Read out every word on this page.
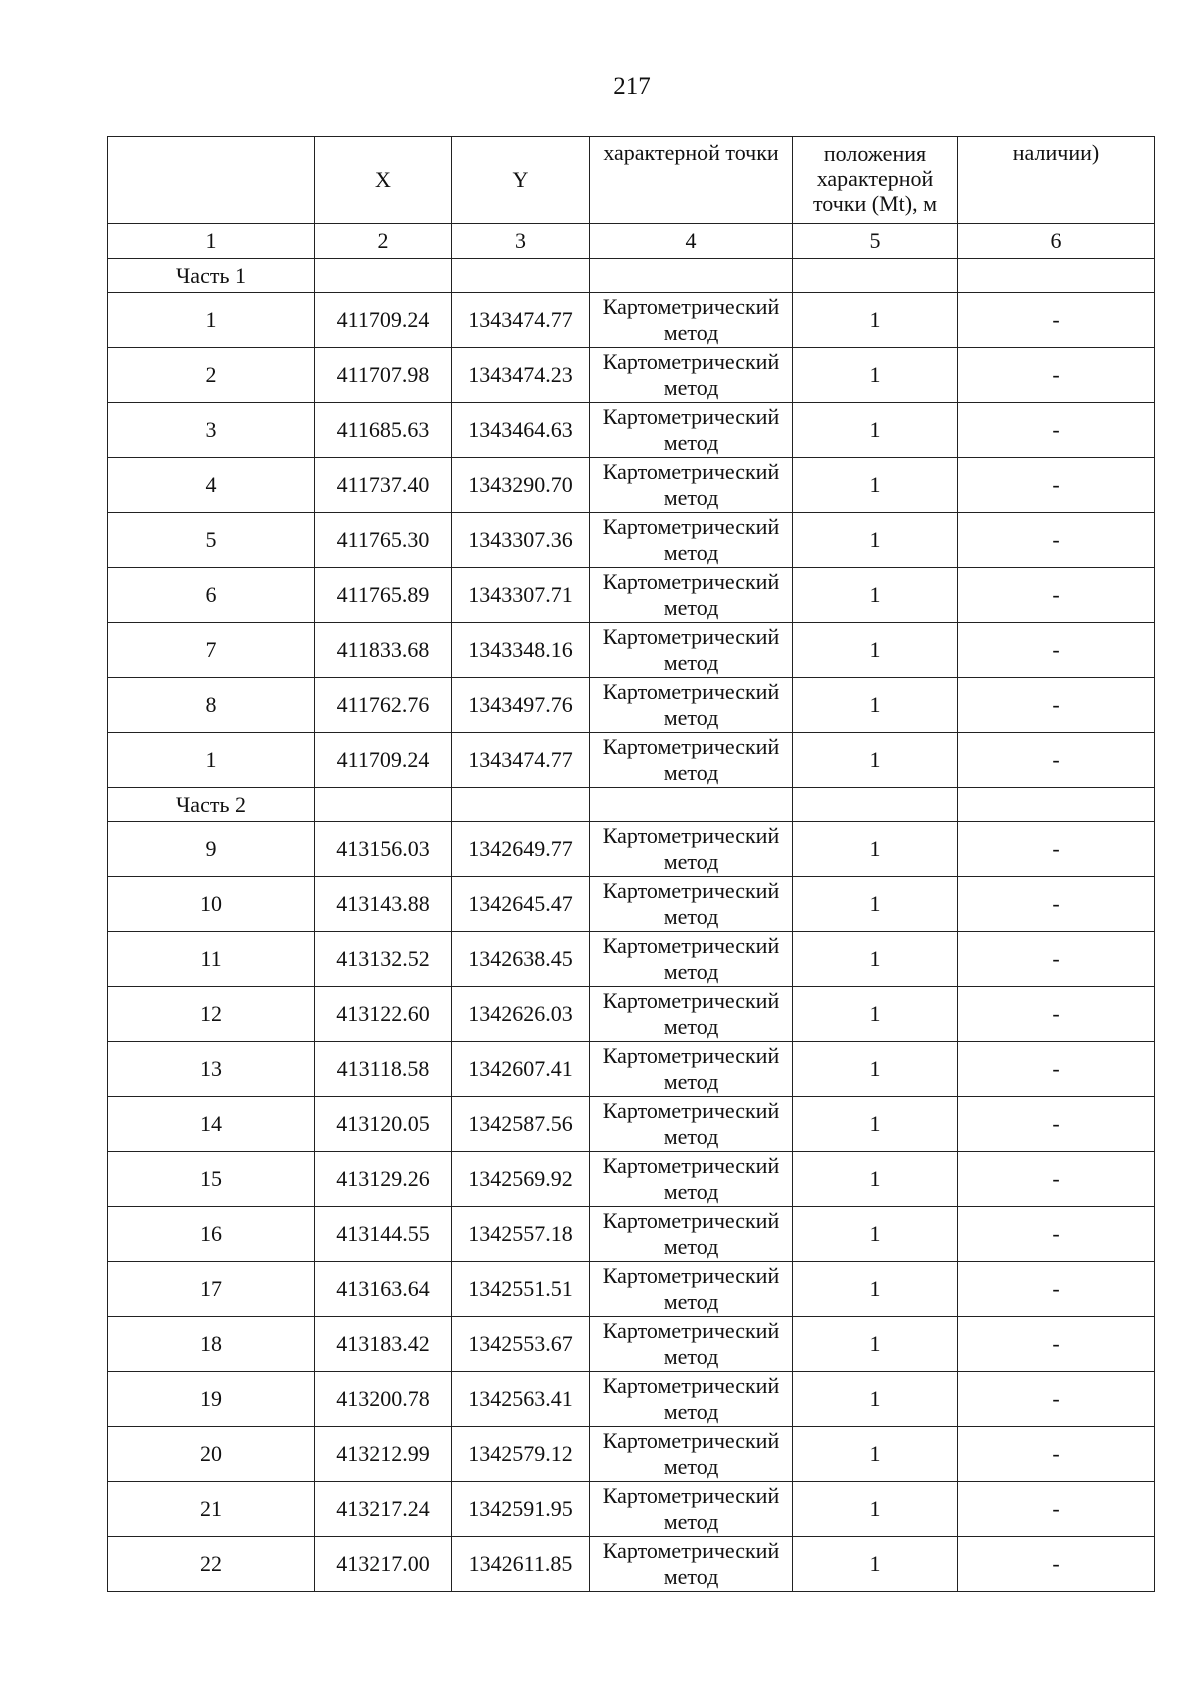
217
	X	Y	характерной точки	положения характерной точки (Mt), м	наличии)
1	2	3	4	5	6
Часть 1					
1	411709.24	1343474.77	Картометрический метод	1	-
2	411707.98	1343474.23	Картометрический метод	1	-
3	411685.63	1343464.63	Картометрический метод	1	-
4	411737.40	1343290.70	Картометрический метод	1	-
5	411765.30	1343307.36	Картометрический метод	1	-
6	411765.89	1343307.71	Картометрический метод	1	-
7	411833.68	1343348.16	Картометрический метод	1	-
8	411762.76	1343497.76	Картометрический метод	1	-
1	411709.24	1343474.77	Картометрический метод	1	-
Часть 2					
9	413156.03	1342649.77	Картометрический метод	1	-
10	413143.88	1342645.47	Картометрический метод	1	-
11	413132.52	1342638.45	Картометрический метод	1	-
12	413122.60	1342626.03	Картометрический метод	1	-
13	413118.58	1342607.41	Картометрический метод	1	-
14	413120.05	1342587.56	Картометрический метод	1	-
15	413129.26	1342569.92	Картометрический метод	1	-
16	413144.55	1342557.18	Картометрический метод	1	-
17	413163.64	1342551.51	Картометрический метод	1	-
18	413183.42	1342553.67	Картометрический метод	1	-
19	413200.78	1342563.41	Картометрический метод	1	-
20	413212.99	1342579.12	Картометрический метод	1	-
21	413217.24	1342591.95	Картометрический метод	1	-
22	413217.00	1342611.85	Картометрический метод	1	-
